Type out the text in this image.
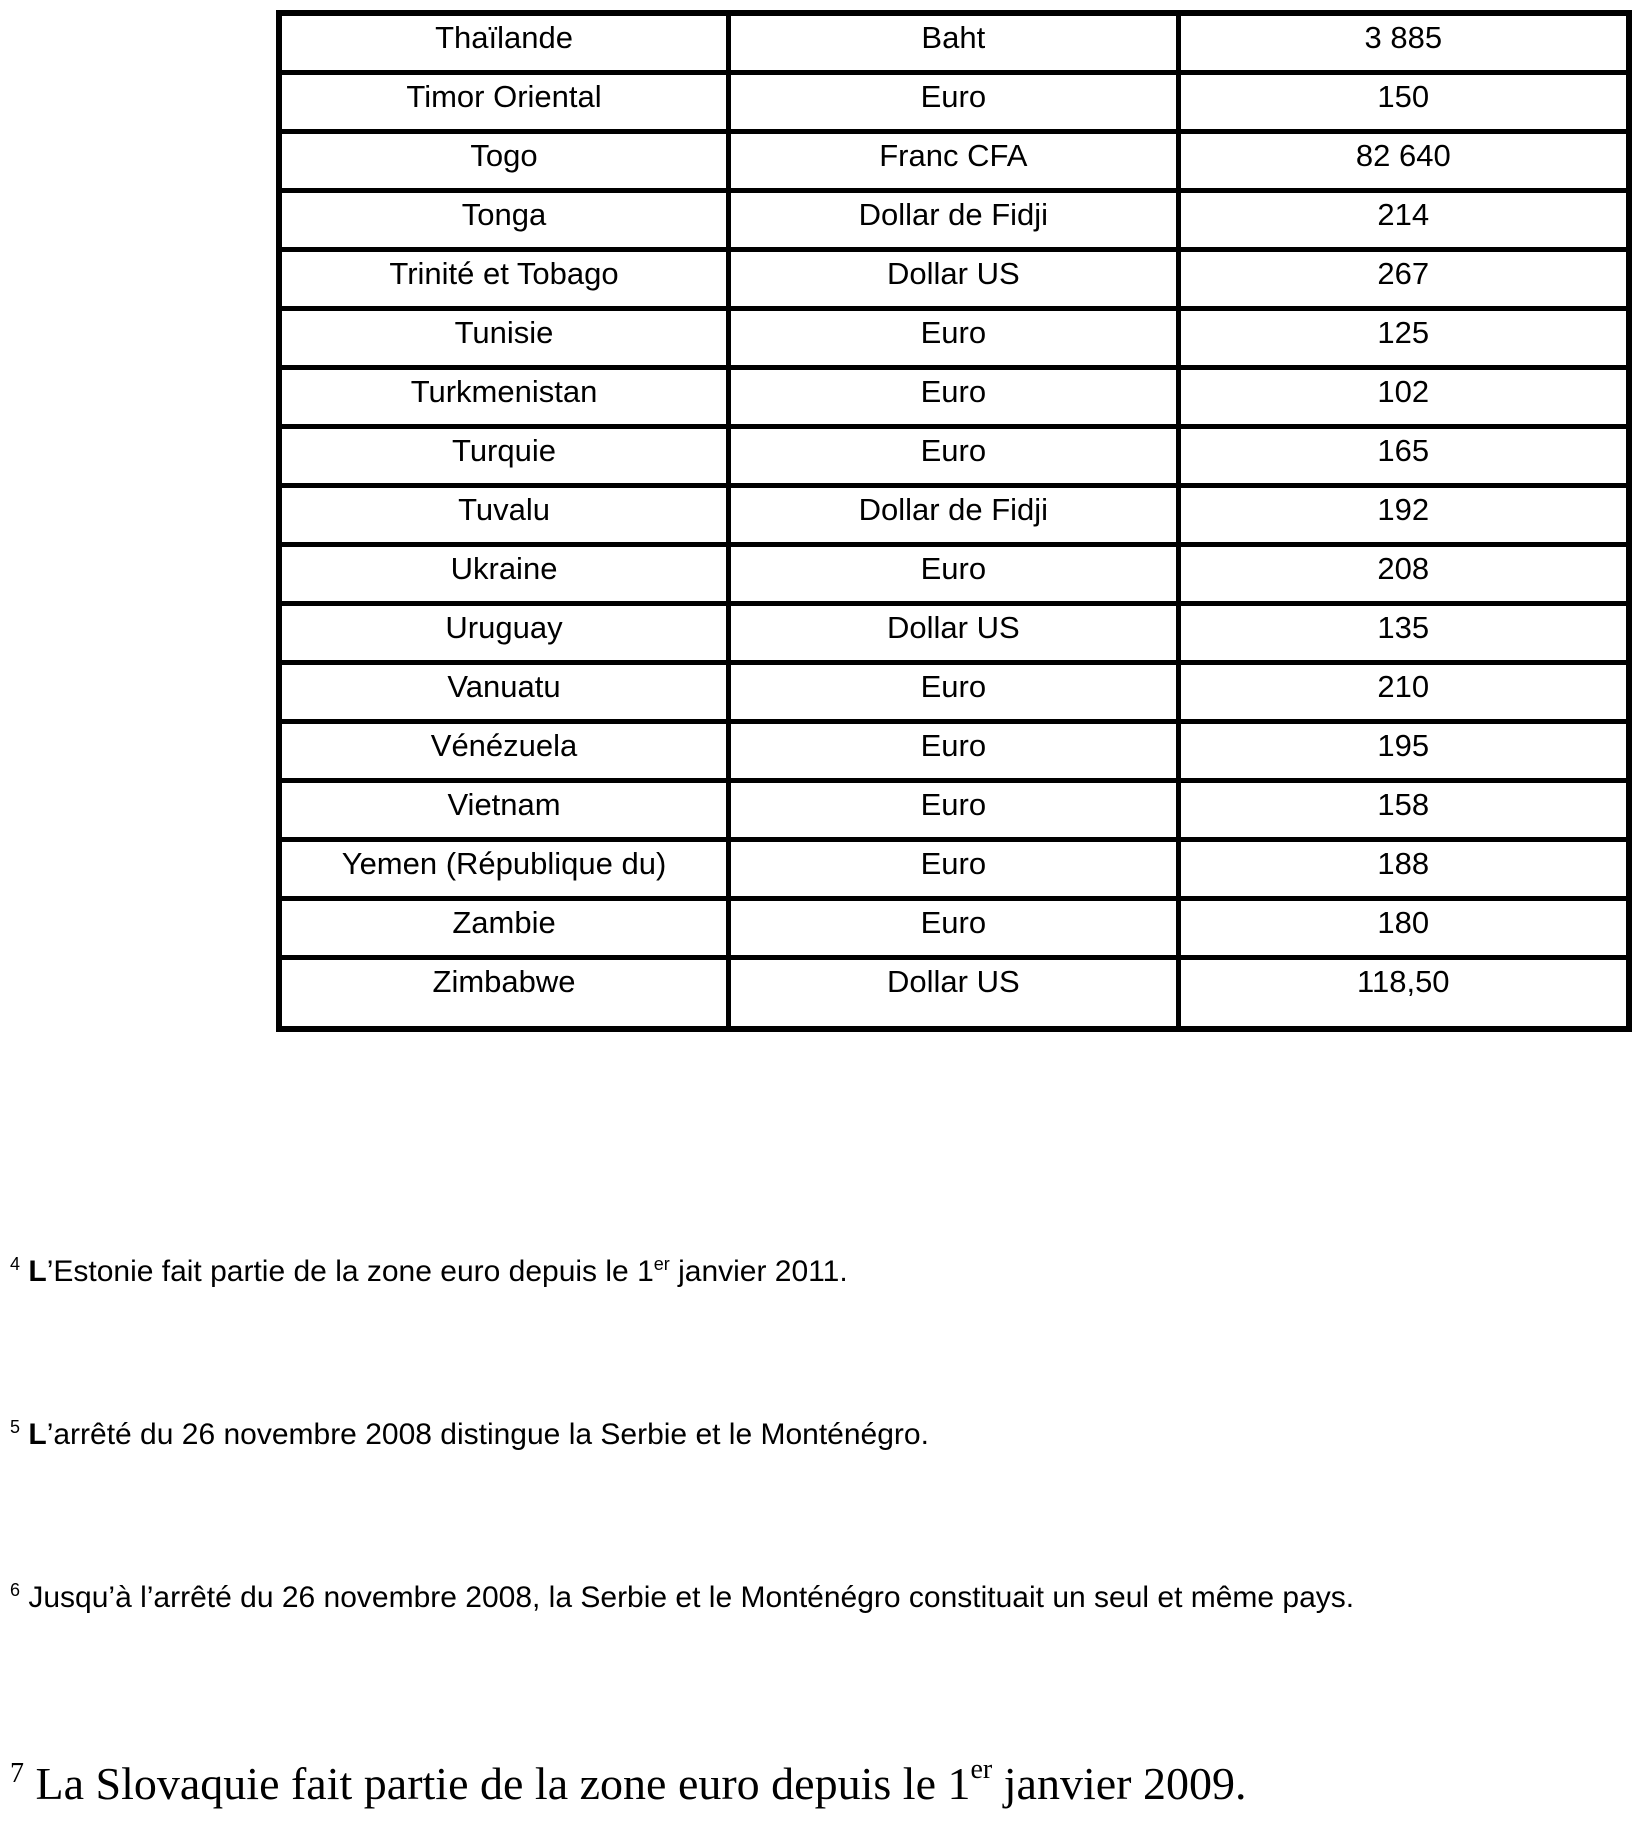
Thaïlande	Baht	3 885
Timor Oriental	Euro	150
Togo	Franc CFA	82 640
Tonga	Dollar de Fidji	214
Trinité et Tobago	Dollar US	267
Tunisie	Euro	125
Turkmenistan	Euro	102
Turquie	Euro	165
Tuvalu	Dollar de Fidji	192
Ukraine	Euro	208
Uruguay	Dollar US	135
Vanuatu	Euro	210
Vénézuela	Euro	195
Vietnam	Euro	158
Yemen (République du)	Euro	188
Zambie	Euro	180
Zimbabwe	Dollar US	118,50
$^4$ L’Estonie fait partie de la zone euro depuis le 1er janvier 2011.
$^5$ L’arrêté du 26 novembre 2008 distingue la Serbie et le Monténégro.
$^6$ Jusqu’à l’arrêté du 26 novembre 2008, la Serbie et le Monténégro constituait un seul et même pays.
$^7$ La Slovaquie fait partie de la zone euro depuis le 1er janvier 2009.
